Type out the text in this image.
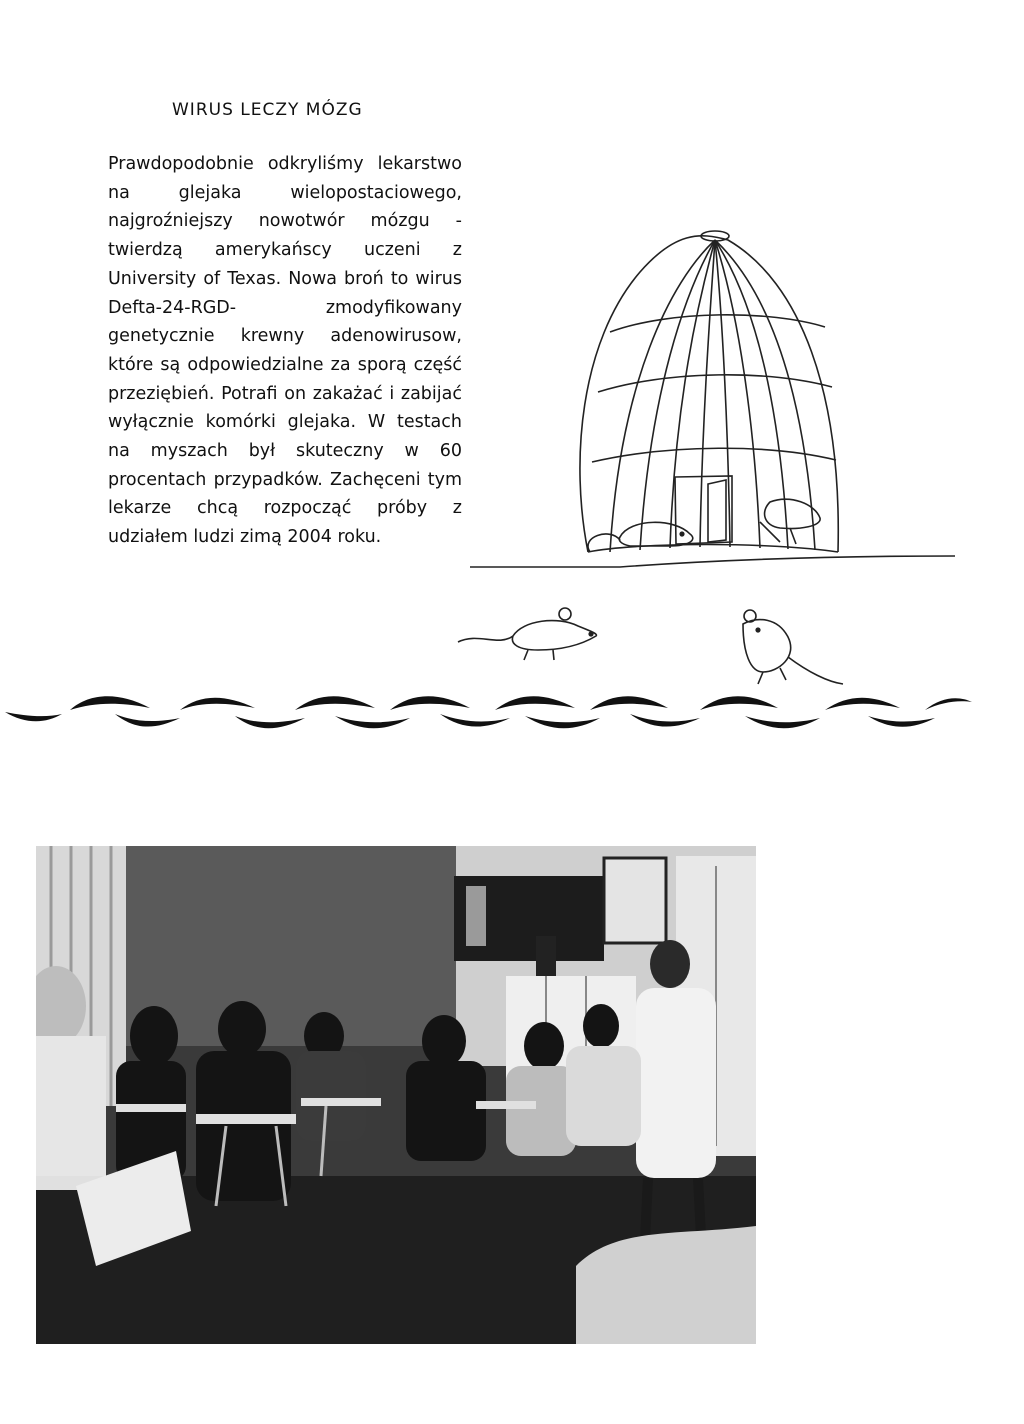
WIRUS LECZY MÓZG

Prawdopodobnie odkryliśmy lekarstwo na glejaka wielopostaciowego, najgroźniejszy nowotwór mózgu - twierdzą amerykańscy uczeni z University of Texas. Nowa broń to wirus Defta-24-RGD- zmodyfikowany genetycznie krewny adenowirusow, które są odpowiedzialne za sporą część przeziębień. Potrafi on zakażać i zabijać wyłącznie komórki glejaka. W testach na myszach był skuteczny w 60 procentach przypadków. Zachęceni tym lekarze chcą rozpocząć próby z udziałem ludzi zimą 2004 roku.
